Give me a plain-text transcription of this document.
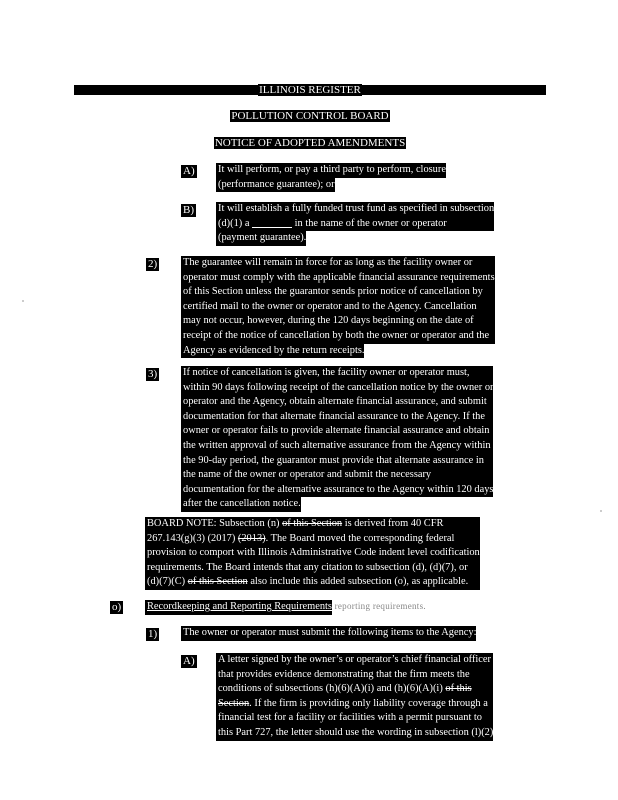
ILLINOIS REGISTER
POLLUTION CONTROL BOARD
NOTICE OF ADOPTED AMENDMENTS
A) It will perform, or pay a third party to perform, closure
(performance guarantee); or
B) It will establish a fully funded trust fund as specified in subsection
(d)(1) a	in the name of the owner or operator
(payment guarantee).
2) The guarantee will remain in force for as long as the facility owner or
operator must comply with the applicable financial assurance requirements
of this Section unless the guarantor sends prior notice of cancellation by
certified mail to the owner or operator and to the Agency. Cancellation
may not occur, however, during the 120 days beginning on the date of
receipt of the notice of cancellation by both the owner or operator and the
Agency as evidenced by the return receipts.
3) If notice of cancellation is given, the facility owner or operator must,
within 90 days following receipt of the cancellation notice by the owner or
operator and the Agency, obtain alternate financial assurance, and submit
documentation for that alternate financial assurance to the Agency. If the
owner or operator fails to provide alternate financial assurance and obtain
the written approval of such alternative assurance from the Agency within
the 90-day period, the guarantor must provide that alternate assurance in
the name of the owner or operator and submit the necessary
documentation for the alternative assurance to the Agency within 120 days
after the cancellation notice.
BOARD NOTE: Subsection (n) of this Section is derived from 40 CFR
267.143(g)(3) (2017) (2013). The Board moved the corresponding federal
provision to comport with Illinois Administrative Code indent level codification
requirements. The Board intends that any citation to subsection (d), (d)(7), or
(d)(7)(C) of this Section also include this added subsection (o), as applicable.
o) Recordkeeping and Reporting Requirements reporting requirements.
1) The owner or operator must submit the following items to the Agency:
A) A letter signed by the owner’s or operator’s chief financial officer
that provides evidence demonstrating that the firm meets the
conditions of subsections (h)(6)(A)(i) and (h)(6)(A)(i) of this
Section. If the firm is providing only liability coverage through a
financial test for a facility or facilities with a permit pursuant to
this Part 727, the letter should use the wording in subsection (l)(2)
